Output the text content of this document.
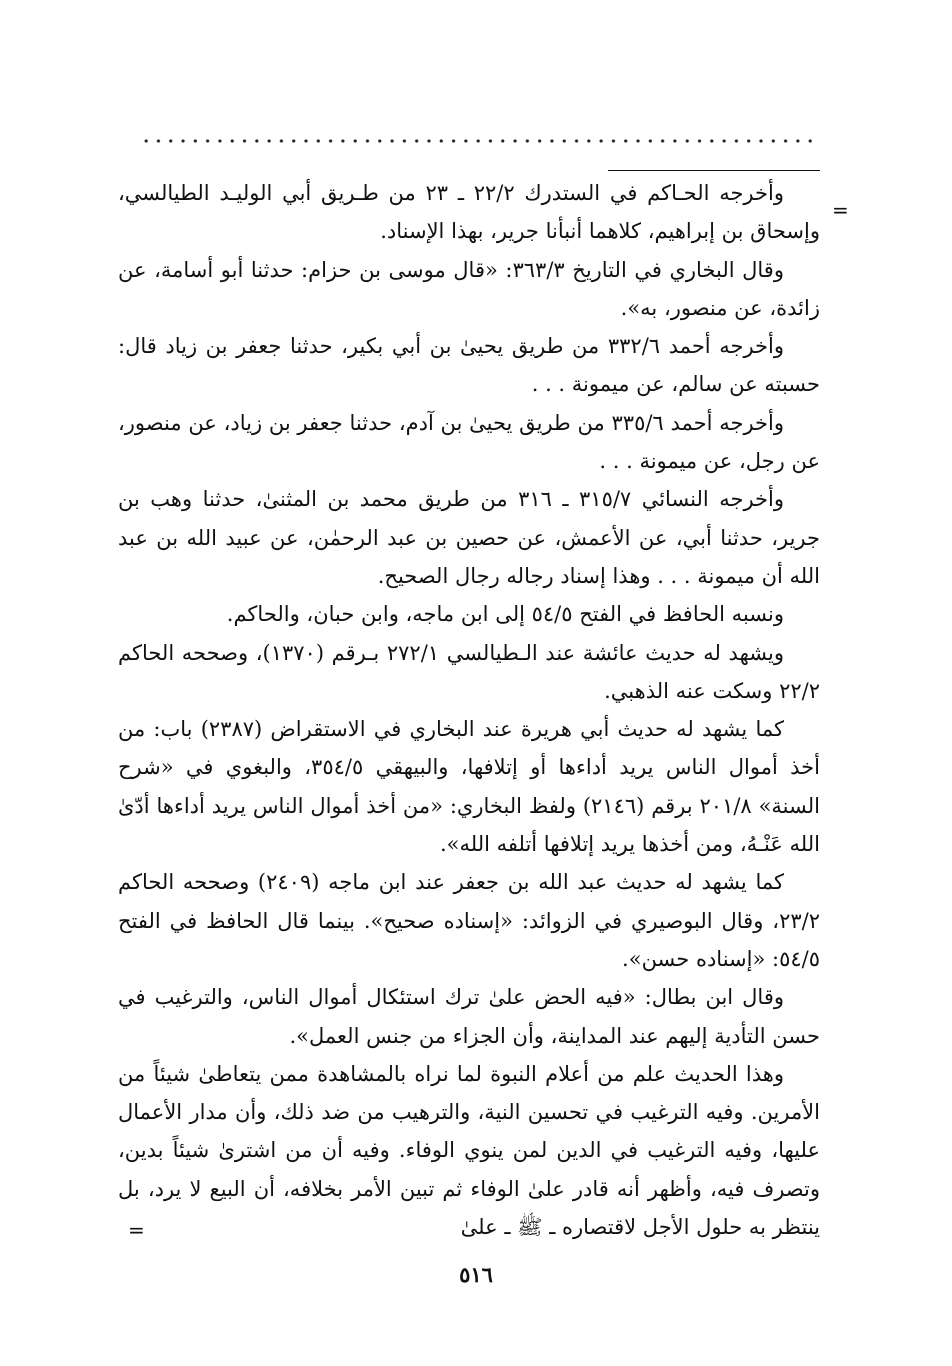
=
=

وأخرجه الحـاكم في الستدرك ٢٢/٢ ـ ٢٣ من طـريق أبي الوليـد الطيالسي، وإسحاق بن إبراهيم، كلاهما أنبأنا جرير، بهذا الإسناد.

وقال البخاري في التاريخ ٣٦٣/٣: «قال موسى بن حزام: حدثنا أبو أسامة، عن زائدة، عن منصور، به».

وأخرجه أحمد ٣٣٢/٦ من طريق يحيىٰ بن أبي بكير، حدثنا جعفر بن زياد قال: حسبته عن سالم، عن ميمونة . . .

وأخرجه أحمد ٣٣٥/٦ من طريق يحيىٰ بن آدم، حدثنا جعفر بن زياد، عن منصور، عن رجل، عن ميمونة . . .

وأخرجه النسائي ٣١٥/٧ ـ ٣١٦ من طريق محمد بن المثنىٰ، حدثنا وهب بن جرير، حدثنا أبي، عن الأعمش، عن حصين بن عبد الرحمٰن، عن عبيد الله بن عبد الله أن ميمونة . . . وهذا إسناد رجاله رجال الصحيح.

ونسبه الحافظ في الفتح ٥٤/٥ إلى ابن ماجه، وابن حبان، والحاكم.

ويشهد له حديث عائشة عند الـطيالسي ٢٧٢/١ بـرقم (١٣٧٠)، وصححه الحاكم ٢٢/٢ وسكت عنه الذهبي.

كما يشهد له حديث أبي هريرة عند البخاري في الاستقراض (٢٣٨٧) باب: من أخذ أموال الناس يريد أداءها أو إتلافها، والبيهقي ٣٥٤/٥، والبغوي في «شرح السنة» ٢٠١/٨ برقم (٢١٤٦) ولفظ البخاري: «من أخذ أموال الناس يريد أداءها أدّىٰ الله عَنْـهُ، ومن أخذها يريد إتلافها أتلفه الله».

كما يشهد له حديث عبد الله بن جعفر عند ابن ماجه (٢٤٠٩) وصححه الحاكم ٢٣/٢، وقال البوصيري في الزوائد: «إسناده صحيح». بينما قال الحافظ في الفتح ٥٤/٥: «إسناده حسن».

وقال ابن بطال: «فيه الحض علىٰ ترك استئكال أموال الناس، والترغيب في حسن التأدية إليهم عند المداينة، وأن الجزاء من جنس العمل».

وهذا الحديث علم من أعلام النبوة لما نراه بالمشاهدة ممن يتعاطىٰ شيئاً من الأمرين. وفيه الترغيب في تحسين النية، والترهيب من ضد ذلك، وأن مدار الأعمال عليها، وفيه الترغيب في الدين لمن ينوي الوفاء. وفيه أن من اشترىٰ شيئاً بدين، وتصرف فيه، وأظهر أنه قادر علىٰ الوفاء ثم تبين الأمر بخلافه، أن البيع لا يرد، بل ينتظر به حلول الأجل لاقتصاره ـ ﷺ ـ علىٰ

٥١٦
